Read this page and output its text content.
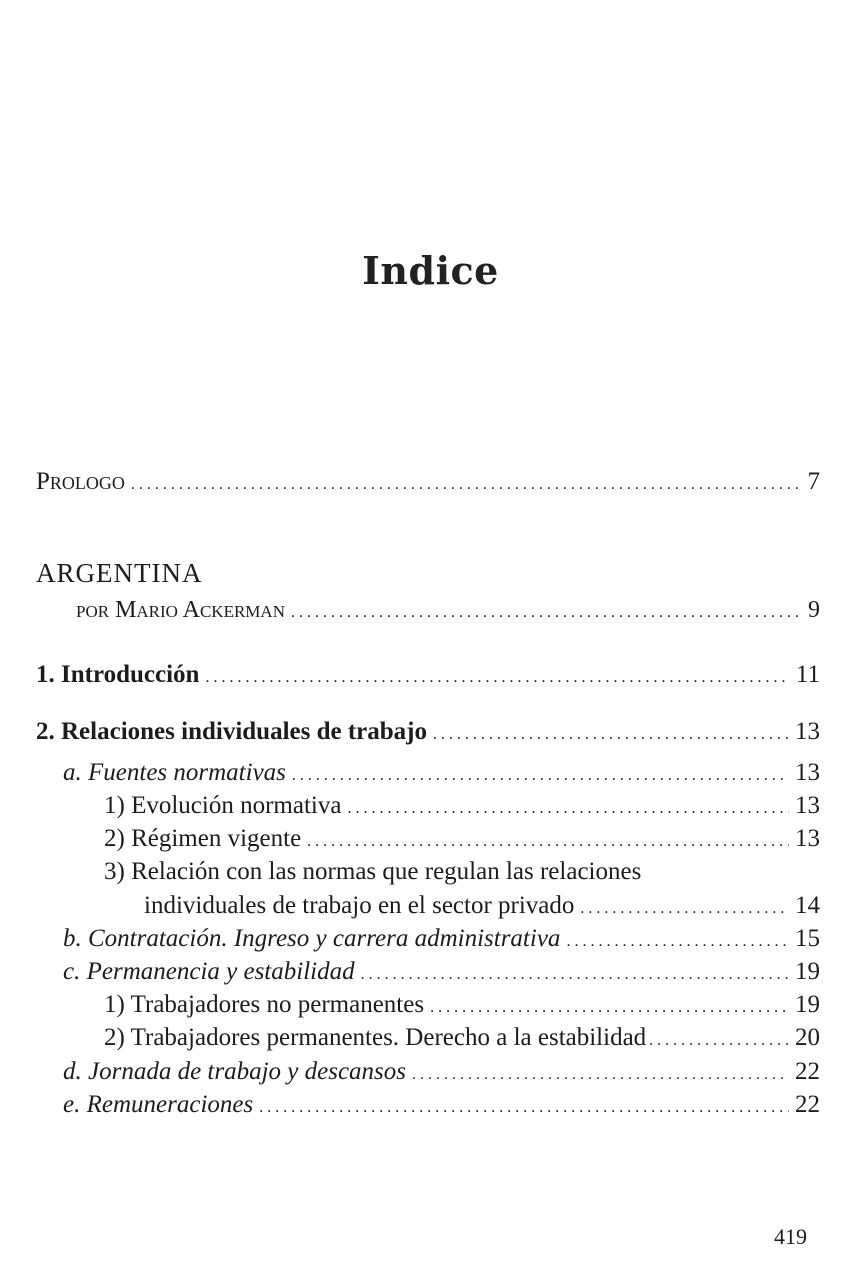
Indice
Prologo . . .	7
ARGENTINA
por Mario Ackerman . . .	9
1. Introducción . . .	11
2. Relaciones individuales de trabajo . . .	13
a. Fuentes normativas . . .	13
1) Evolución normativa . . .	13
2) Régimen vigente . . .	13
3) Relación con las normas que regulan las relaciones
individuales de trabajo en el sector privado . . .	14
b. Contratación. Ingreso y carrera administrativa . . .	15
c. Permanencia y estabilidad . . .	19
1) Trabajadores no permanentes . . .	19
2) Trabajadores permanentes. Derecho a la estabilidad . . .	20
d. Jornada de trabajo y descansos . . .	22
e. Remuneraciones . . .	22
419
